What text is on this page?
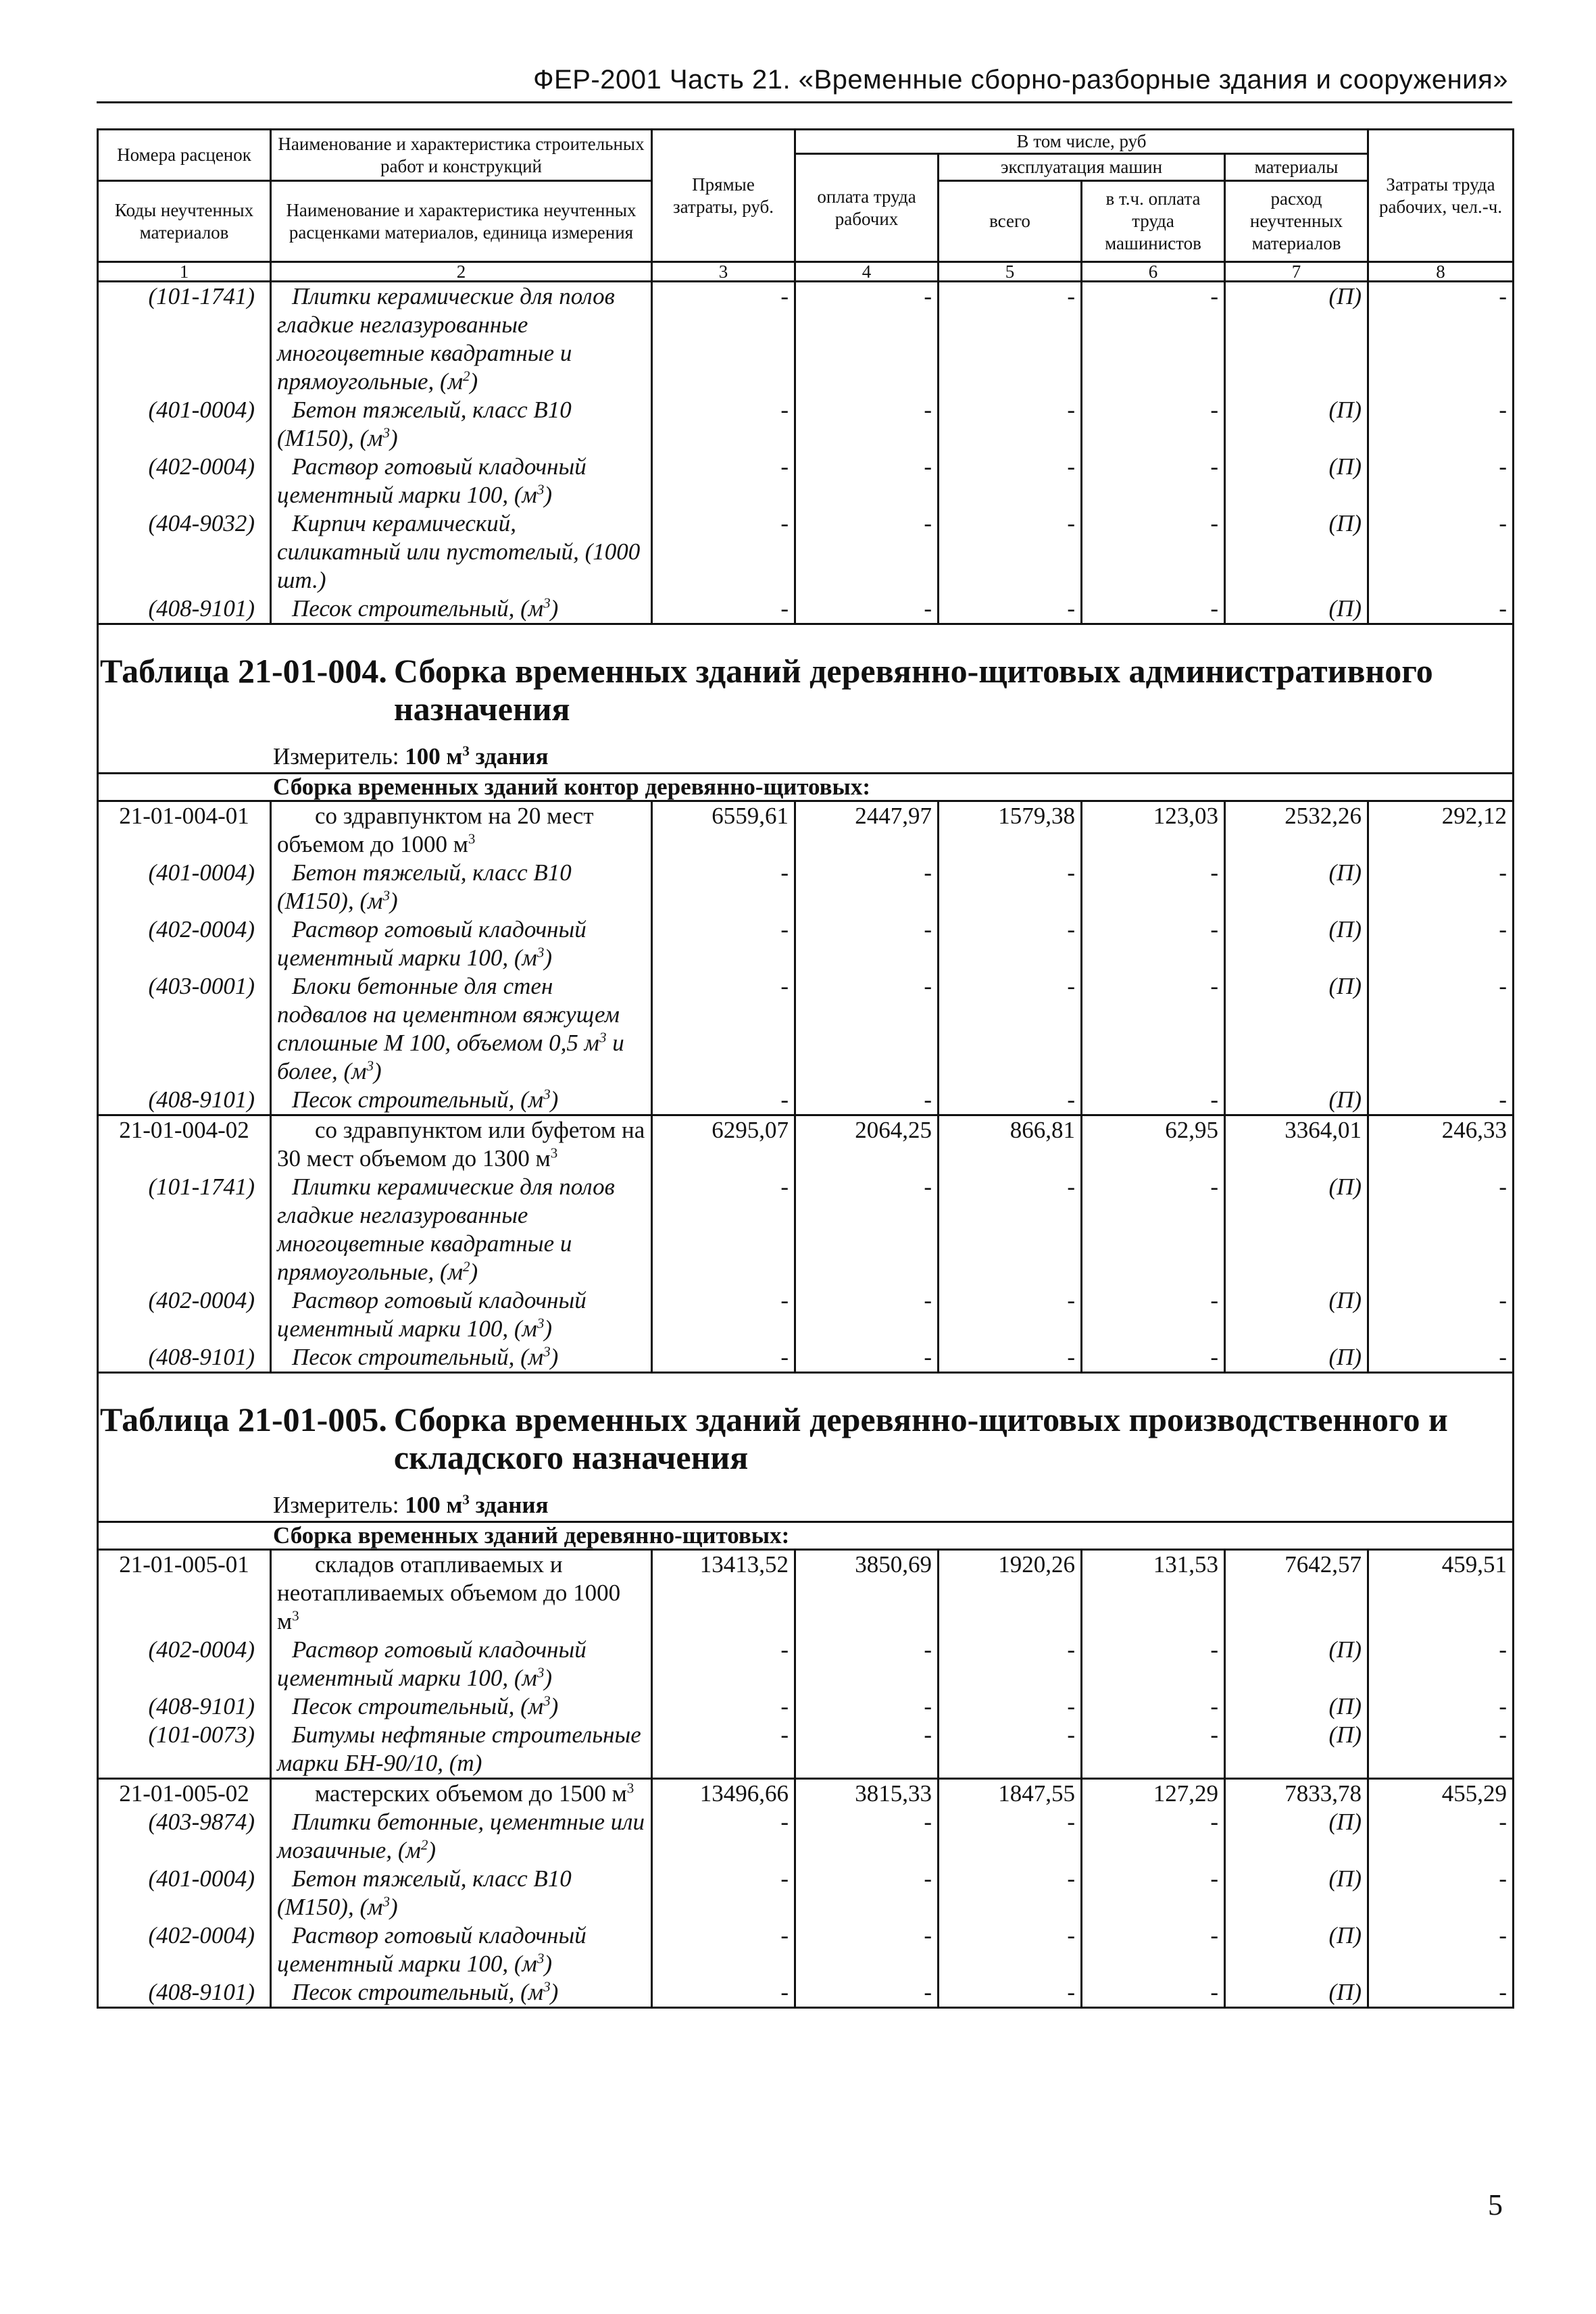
ФЕР-2001 Часть 21. «Временные сборно-разборные здания и сооружения»
Номера расценок	Наименование и характеристика строительных работ и конструкций	Прямые затраты, руб.	В том числе, руб				Затраты труда рабочих, чел.-ч.
			оплата труда рабочих	эксплуатация машин		материалы	
Коды неучтенных материалов	Наименование и характеристика неучтенных расценками материалов, единица измерения			всего	в т.ч. оплата труда машинистов	расход неучтенных материалов	

1	2	3	4	5	6	7	8
(101-1741)	Плитки керамические для полов гладкие неглазурованные многоцветные квадратные и прямоугольные, $(м^2)$	-	-	-	-	(П)	-
(401-0004)	Бетон тяжелый, класс В10 (М150), $(м^3)$	-	-	-	-	(П)	-
(402-0004)	Раствор готовый кладочный цементный марки 100, $(м^3)$	-	-	-	-	(П)	-
(404-9032)	Кирпич керамический, силикатный или пустотелый, (1000 шт.)	-	-	-	-	(П)	-
(408-9101)	Песок строительный, $(м^3)$	-	-	-	-	(П)	-

Таблица 21-01-004. Сборка временных зданий деревянно-щитовых административного назначения							

Измеритель: 100 $м^3$ здания							
Сборка временных зданий контор деревянно-щитовых:							
21-01-004-01	со здравпунктом на 20 мест объемом до 1000 $м^3$	6559,61	2447,97	1579,38	123,03	2532,26	292,12
(401-0004)	Бетон тяжелый, класс В10 (М150), $(м^3)$	-	-	-	-	(П)	-
(402-0004)	Раствор готовый кладочный цементный марки 100, $(м^3)$	-	-	-	-	(П)	-
(403-0001)	Блоки бетонные для стен подвалов на цементном вяжущем сплошные М 100, объемом 0,5 $м^3$ и более, $(м^3)$	-	-	-	-	(П)	-
(408-9101)	Песок строительный, $(м^3)$	-	-	-	-	(П)	-
21-01-004-02	со здравпунктом или буфетом на 30 мест объемом до 1300 $м^3$	6295,07	2064,25	866,81	62,95	3364,01	246,33
(101-1741)	Плитки керамические для полов гладкие неглазурованные многоцветные квадратные и прямоугольные, $(м^2)$	-	-	-	-	(П)	-
(402-0004)	Раствор готовый кладочный цементный марки 100, $(м^3)$	-	-	-	-	(П)	-
(408-9101)	Песок строительный, $(м^3)$	-	-	-	-	(П)	-

Таблица 21-01-005. Сборка временных зданий деревянно-щитовых производственного и складского назначения							

Измеритель: 100 $м^3$ здания							
Сборка временных зданий деревянно-щитовых:							
21-01-005-01	складов отапливаемых и неотапливаемых объемом до 1000 $м^3$	13413,52	3850,69	1920,26	131,53	7642,57	459,51
(402-0004)	Раствор готовый кладочный цементный марки 100, $(м^3)$	-	-	-	-	(П)	-
(408-9101)	Песок строительный, $(м^3)$	-	-	-	-	(П)	-
(101-0073)	Битумы нефтяные строительные марки БН-90/10, (т)	-	-	-	-	(П)	-
21-01-005-02	мастерских объемом до 1500 $м^3$	13496,66	3815,33	1847,55	127,29	7833,78	455,29
(403-9874)	Плитки бетонные, цементные или мозаичные, $(м^2)$	-	-	-	-	(П)	-
(401-0004)	Бетон тяжелый, класс В10 (М150), $(м^3)$	-	-	-	-	(П)	-
(402-0004)	Раствор готовый кладочный цементный марки 100, $(м^3)$	-	-	-	-	(П)	-
(408-9101)	Песок строительный, $(м^3)$	-	-	-	-	(П)	-
5
